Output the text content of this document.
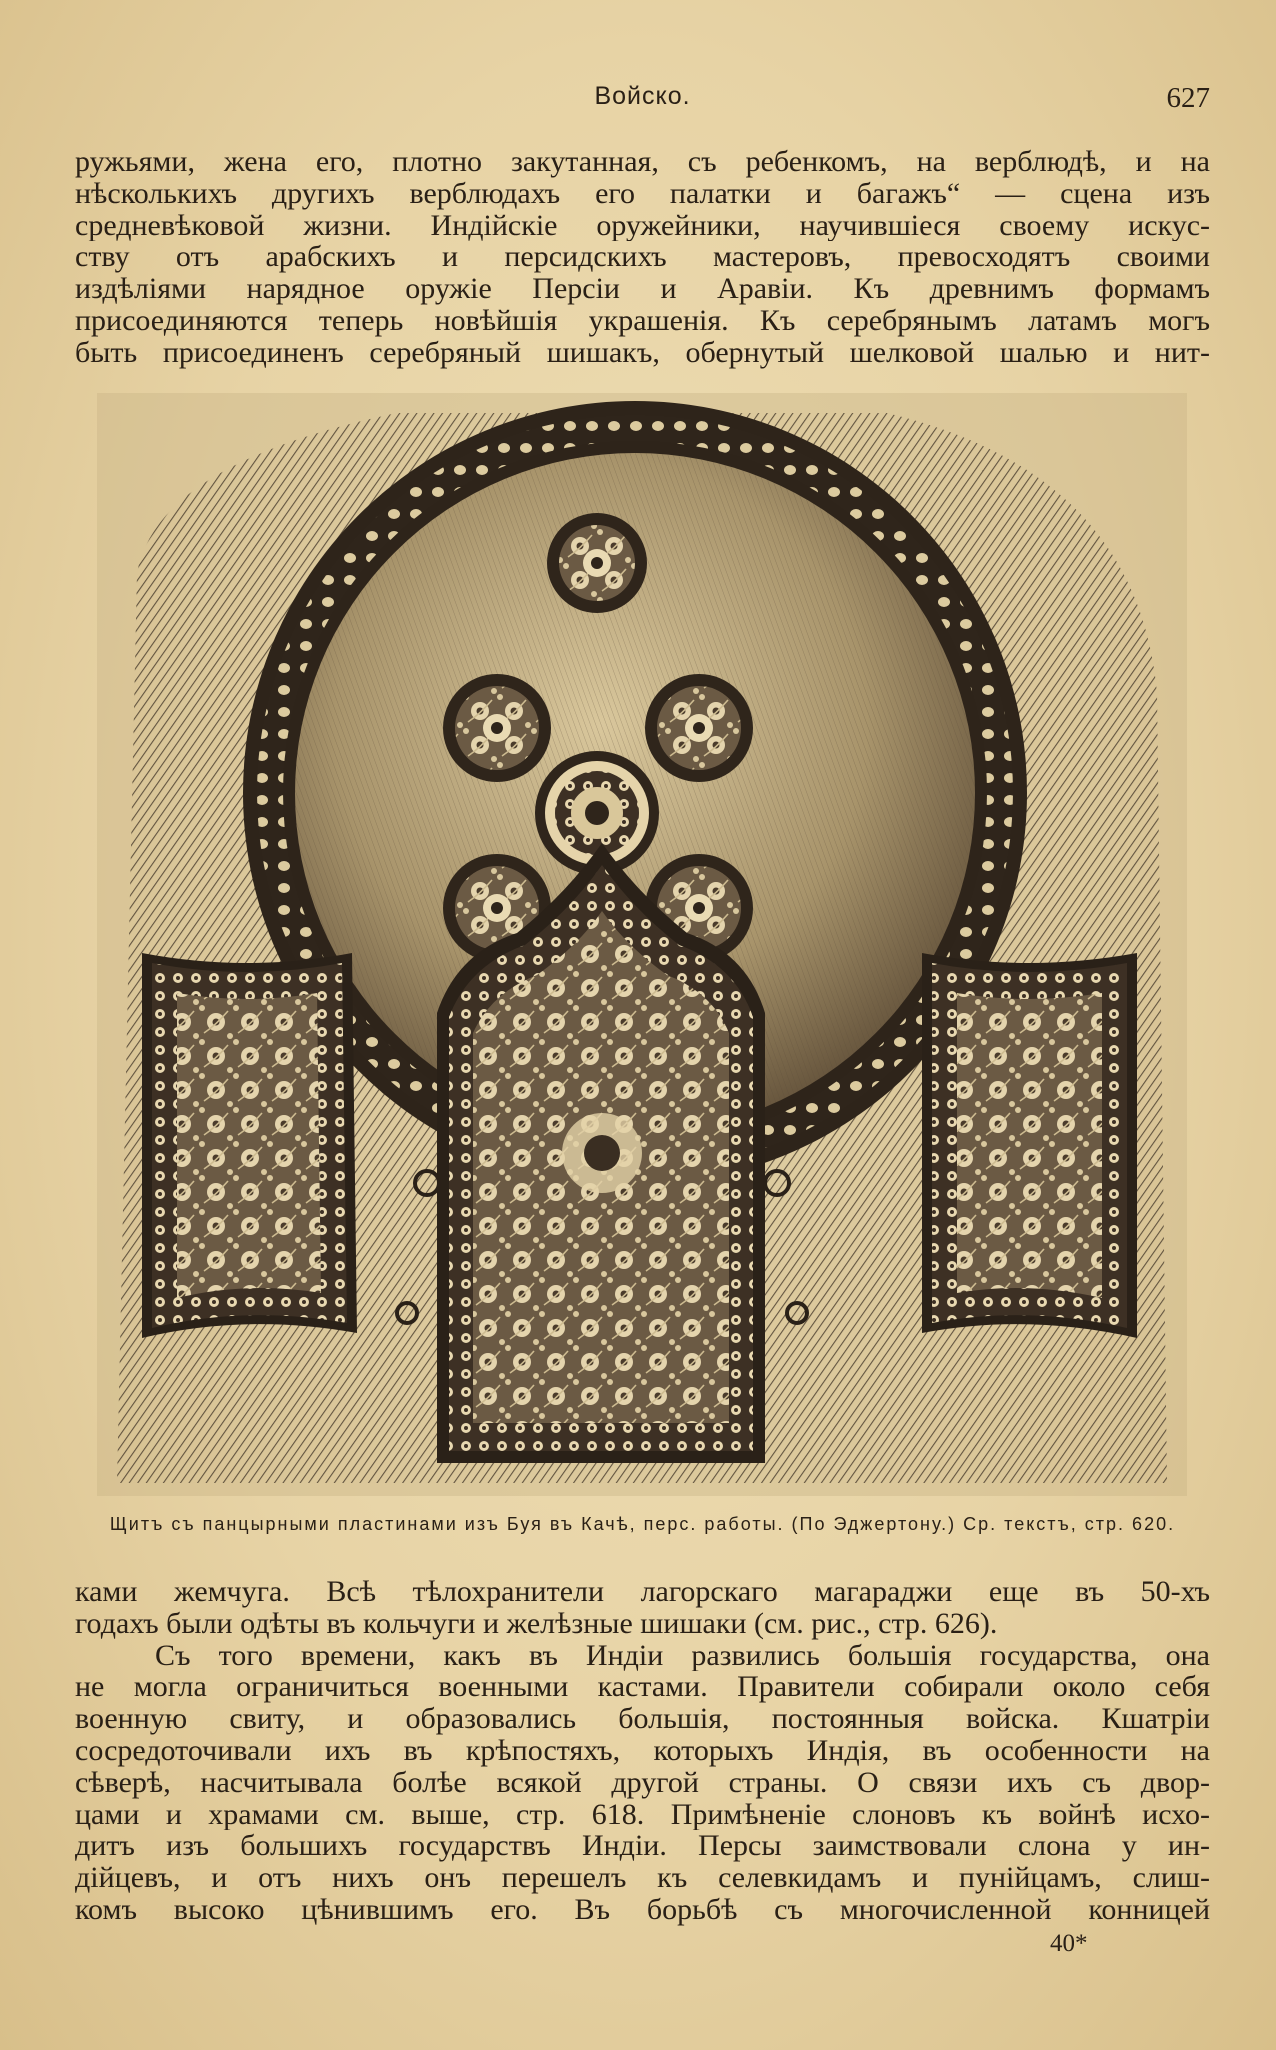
Войско.	627
ружьями, жена его, плотно закутанная, съ ребенкомъ, на верблюдѣ, и на
нѣсколькихъ другихъ верблюдахъ его палатки и багажъ“ — сцена изъ
средневѣковой жизни. Индійскіе оружейники, научившіеся своему искус-
ству отъ арабскихъ и персидскихъ мастеровъ, превосходятъ своими
издѣліями нарядное оружіе Персіи и Аравіи. Къ древнимъ формамъ
присоединяются теперь новѣйшія украшенія. Къ серебрянымъ латамъ могъ
быть присоединенъ серебряный шишакъ, обернутый шелковой шалью и нит-
Щитъ съ панцырными пластинами изъ Буя въ Качѣ, перс. работы. (По Эджертону.) Ср. текстъ, стр. 620.
ками жемчуга. Всѣ тѣлохранители лагорскаго магараджи еще въ 50-хъ
годахъ были одѣты въ кольчуги и желѣзные шишаки (см. рис., стр. 626).
Съ того времени, какъ въ Индіи развились большія государства, она
не могла ограничиться военными кастами. Правители собирали около себя
военную свиту, и образовались большія, постоянныя войска. Кшатріи
сосредоточивали ихъ въ крѣпостяхъ, которыхъ Индія, въ особенности на
сѣверѣ, насчитывала болѣе всякой другой страны. О связи ихъ съ двор-
цами и храмами см. выше, стр. 618. Примѣненіе слоновъ къ войнѣ исхо-
дитъ изъ большихъ государствъ Индіи. Персы заимствовали слона у ин-
дійцевъ, и отъ нихъ онъ перешелъ къ селевкидамъ и пунійцамъ, слиш-
комъ высоко цѣнившимъ его. Въ борьбѣ съ многочисленной конницей
40*
